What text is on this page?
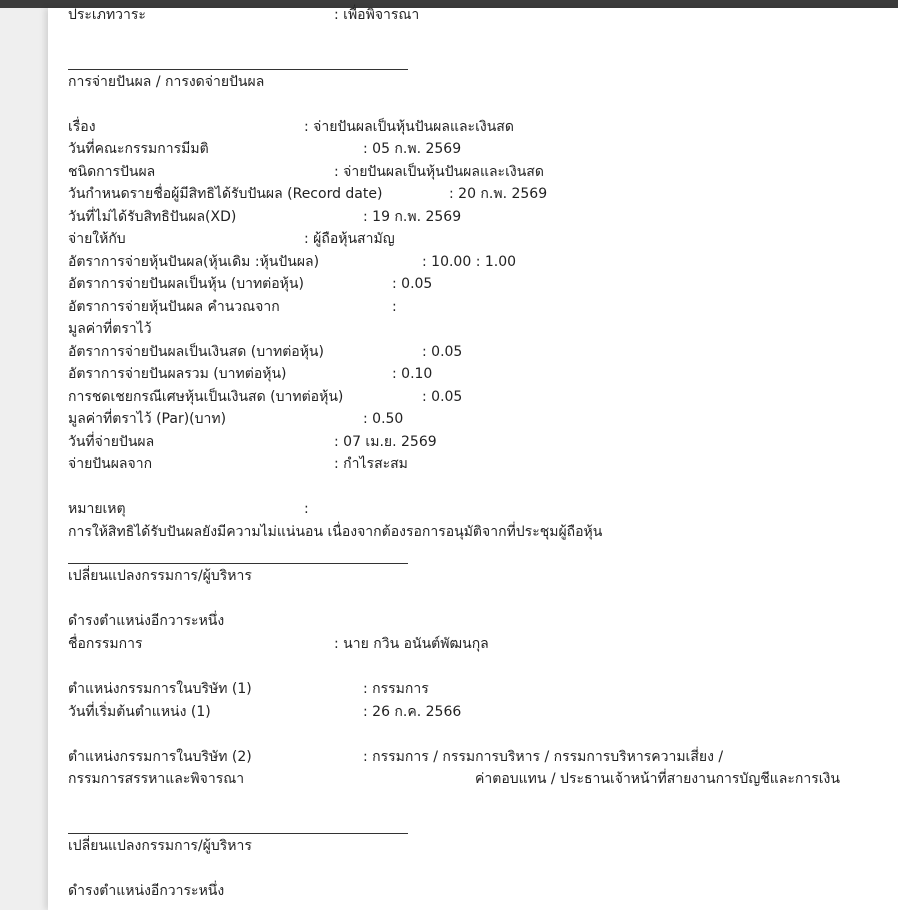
ประเภทวาระ	: เพื่อพิจารณา
การจ่ายปันผล / การงดจ่ายปันผล
เรื่อง	: จ่ายปันผลเป็นหุ้นปันผลและเงินสด
วันที่คณะกรรมการมีมติ	: 05 ก.พ. 2569
ชนิดการปันผล	: จ่ายปันผลเป็นหุ้นปันผลและเงินสด
วันกำหนดรายชื่อผู้มีสิทธิได้รับปันผล (Record date)	: 20 ก.พ. 2569
วันที่ไม่ได้รับสิทธิปันผล(XD)	: 19 ก.พ. 2569
จ่ายให้กับ	: ผู้ถือหุ้นสามัญ
อัตราการจ่ายหุ้นปันผล(หุ้นเดิม :หุ้นปันผล)	: 10.00 : 1.00
อัตราการจ่ายปันผลเป็นหุ้น (บาทต่อหุ้น)	: 0.05
อัตราการจ่ายหุ้นปันผล คำนวณจาก	:
มูลค่าที่ตราไว้
อัตราการจ่ายปันผลเป็นเงินสด (บาทต่อหุ้น)	: 0.05
อัตราการจ่ายปันผลรวม (บาทต่อหุ้น)	: 0.10
การชดเชยกรณีเศษหุ้นเป็นเงินสด (บาทต่อหุ้น)	: 0.05
มูลค่าที่ตราไว้ (Par)(บาท)	: 0.50
วันที่จ่ายปันผล	: 07 เม.ย. 2569
จ่ายปันผลจาก	: กำไรสะสม
หมายเหตุ	:
การให้สิทธิได้รับปันผลยังมีความไม่แน่นอน เนื่องจากต้องรอการอนุมัติจากที่ประชุมผู้ถือหุ้น
เปลี่ยนแปลงกรรมการ/ผู้บริหาร
ดำรงตำแหน่งอีกวาระหนึ่ง
ชื่อกรรมการ	: นาย กวิน อนันต์พัฒนกุล
ตำแหน่งกรรมการในบริษัท (1)	: กรรมการ
วันที่เริ่มต้นตำแหน่ง (1)	: 26 ก.ค. 2566
ตำแหน่งกรรมการในบริษัท (2)	: กรรมการ / กรรมการบริหาร / กรรมการบริหารความเสี่ยง /
กรรมการสรรหาและพิจารณา	ค่าตอบแทน / ประธานเจ้าหน้าที่สายงานการบัญชีและการเงิน
เปลี่ยนแปลงกรรมการ/ผู้บริหาร
ดำรงตำแหน่งอีกวาระหนึ่ง
